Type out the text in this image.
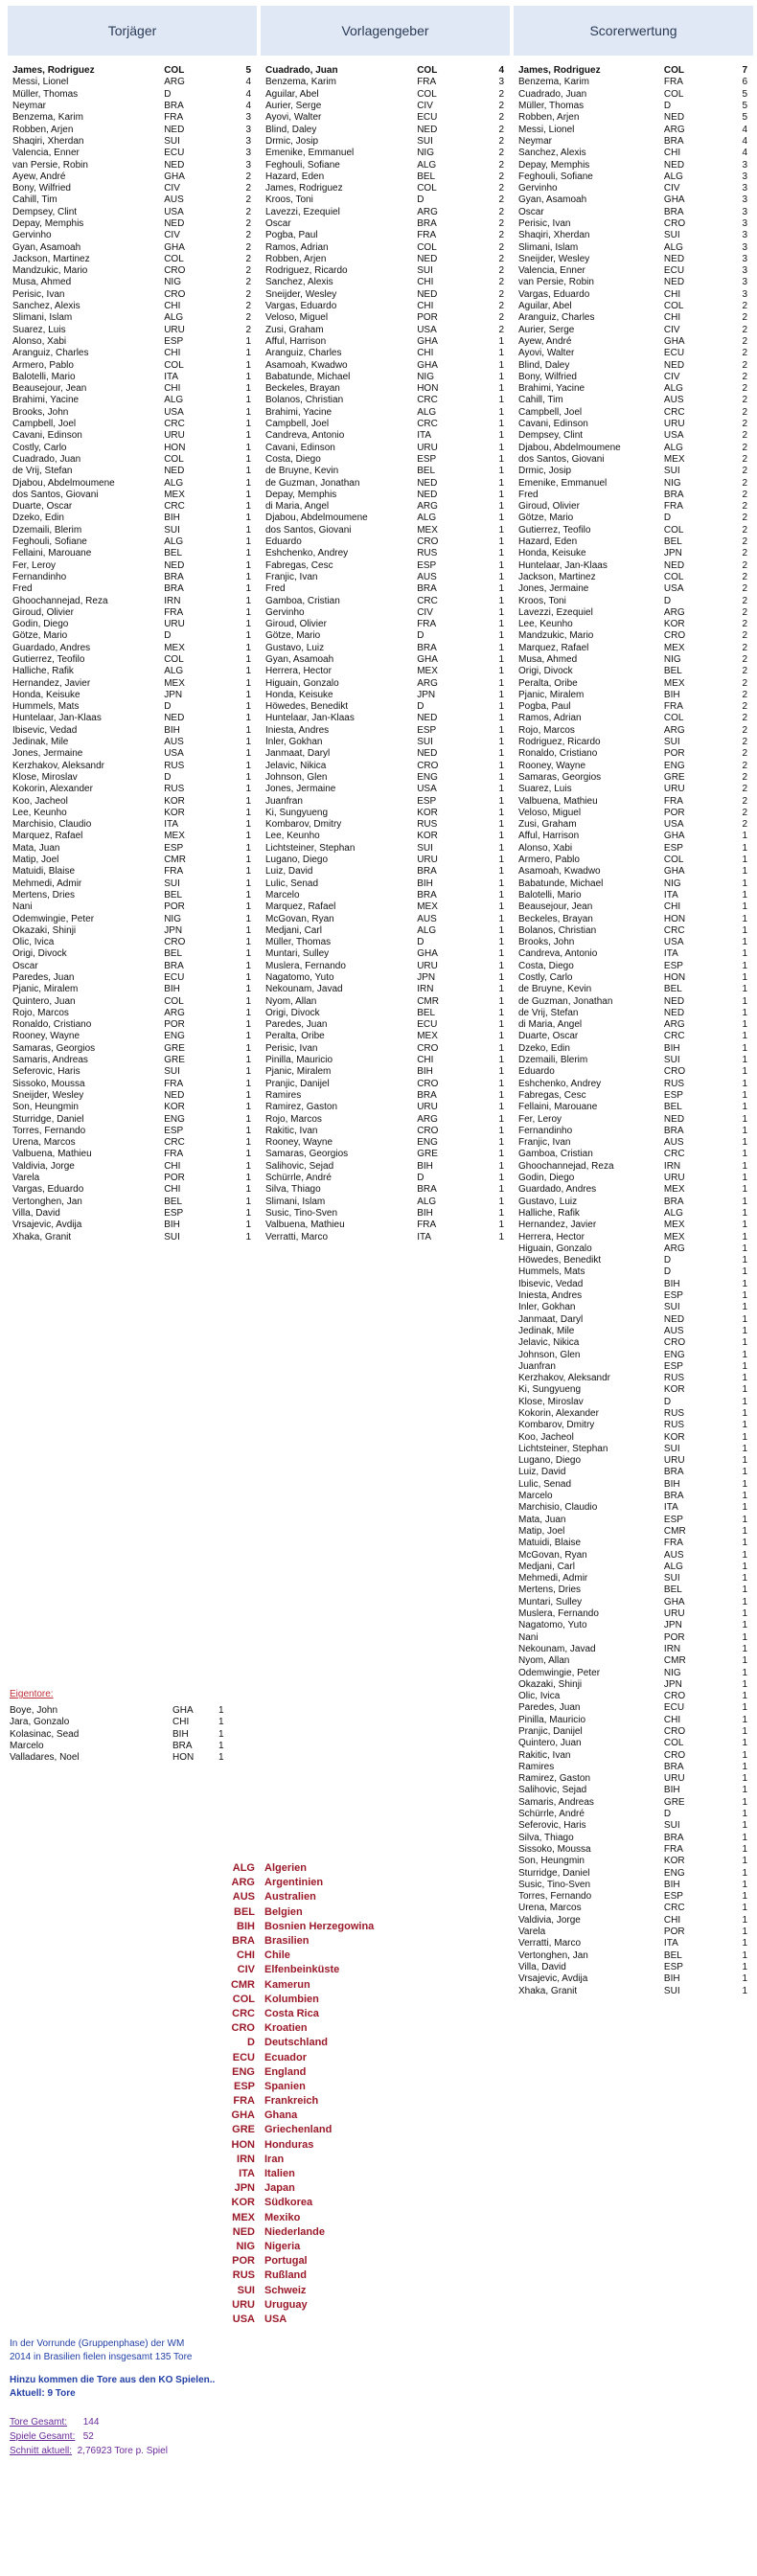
Torjäger
James, Rodriguez	COL	5
Messi, Lionel	ARG	4
Müller, Thomas	D	4
Neymar	BRA	4
Benzema, Karim	FRA	3
Robben, Arjen	NED	3
Shaqiri, Xherdan	SUI	3
Valencia, Enner	ECU	3
van Persie, Robin	NED	3
Ayew, André	GHA	2
Bony, Wilfried	CIV	2
Cahill, Tim	AUS	2
Dempsey, Clint	USA	2
Depay, Memphis	NED	2
Gervinho	CIV	2
Gyan, Asamoah	GHA	2
Jackson, Martinez	COL	2
Mandzukic, Mario	CRO	2
Musa, Ahmed	NIG	2
Perisic, Ivan	CRO	2
Sanchez, Alexis	CHI	2
Slimani, Islam	ALG	2
Suarez, Luis	URU	2
Alonso, Xabi	ESP	1
Aranguiz, Charles	CHI	1
Armero, Pablo	COL	1
Balotelli, Mario	ITA	1
Beausejour, Jean	CHI	1
Brahimi, Yacine	ALG	1
Brooks, John	USA	1
Campbell, Joel	CRC	1
Cavani, Edinson	URU	1
Costly, Carlo	HON	1
Cuadrado, Juan	COL	1
de Vrij, Stefan	NED	1
Djabou, Abdelmoumene	ALG	1
dos Santos, Giovani	MEX	1
Duarte, Oscar	CRC	1
Dzeko, Edin	BIH	1
Dzemaili, Blerim	SUI	1
Feghouli, Sofiane	ALG	1
Fellaini, Marouane	BEL	1
Fer, Leroy	NED	1
Fernandinho	BRA	1
Fred	BRA	1
Ghoochannejad, Reza	IRN	1
Giroud, Olivier	FRA	1
Godin, Diego	URU	1
Götze, Mario	D	1
Guardado, Andres	MEX	1
Gutierrez, Teofilo	COL	1
Halliche, Rafik	ALG	1
Hernandez, Javier	MEX	1
Honda, Keisuke	JPN	1
Hummels, Mats	D	1
Huntelaar, Jan-Klaas	NED	1
Ibisevic, Vedad	BIH	1
Jedinak, Mile	AUS	1
Jones, Jermaine	USA	1
Kerzhakov, Aleksandr	RUS	1
Klose, Miroslav	D	1
Kokorin, Alexander	RUS	1
Koo, Jacheol	KOR	1
Lee, Keunho	KOR	1
Marchisio, Claudio	ITA	1
Marquez, Rafael	MEX	1
Mata, Juan	ESP	1
Matip, Joel	CMR	1
Matuidi, Blaise	FRA	1
Mehmedi, Admir	SUI	1
Mertens, Dries	BEL	1
Nani	POR	1
Odemwingie, Peter	NIG	1
Okazaki, Shinji	JPN	1
Olic, Ivica	CRO	1
Origi, Divock	BEL	1
Oscar	BRA	1
Paredes, Juan	ECU	1
Pjanic, Miralem	BIH	1
Quintero, Juan	COL	1
Rojo, Marcos	ARG	1
Ronaldo, Cristiano	POR	1
Rooney, Wayne	ENG	1
Samaras, Georgios	GRE	1
Samaris, Andreas	GRE	1
Seferovic, Haris	SUI	1
Sissoko, Moussa	FRA	1
Sneijder, Wesley	NED	1
Son, Heungmin	KOR	1
Sturridge, Daniel	ENG	1
Torres, Fernando	ESP	1
Urena, Marcos	CRC	1
Valbuena, Mathieu	FRA	1
Valdivia, Jorge	CHI	1
Varela	POR	1
Vargas, Eduardo	CHI	1
Vertonghen, Jan	BEL	1
Villa, David	ESP	1
Vrsajevic, Avdija	BIH	1
Xhaka, Granit	SUI	1
Vorlagengeber
Cuadrado, Juan	COL	4
Benzema, Karim	FRA	3
Aguilar, Abel	COL	2
Aurier, Serge	CIV	2
Ayovi, Walter	ECU	2
Blind, Daley	NED	2
Drmic, Josip	SUI	2
Emenike, Emmanuel	NIG	2
Feghouli, Sofiane	ALG	2
Hazard, Eden	BEL	2
James, Rodriguez	COL	2
Kroos, Toni	D	2
Lavezzi, Ezequiel	ARG	2
Oscar	BRA	2
Pogba, Paul	FRA	2
Ramos, Adrian	COL	2
Robben, Arjen	NED	2
Rodriguez, Ricardo	SUI	2
Sanchez, Alexis	CHI	2
Sneijder, Wesley	NED	2
Vargas, Eduardo	CHI	2
Veloso, Miguel	POR	2
Zusi, Graham	USA	2
Afful, Harrison	GHA	1
Aranguiz, Charles	CHI	1
Asamoah, Kwadwo	GHA	1
Babatunde, Michael	NIG	1
Beckeles, Brayan	HON	1
Bolanos, Christian	CRC	1
Brahimi, Yacine	ALG	1
Campbell, Joel	CRC	1
Candreva, Antonio	ITA	1
Cavani, Edinson	URU	1
Costa, Diego	ESP	1
de Bruyne, Kevin	BEL	1
de Guzman, Jonathan	NED	1
Depay, Memphis	NED	1
di Maria, Angel	ARG	1
Djabou, Abdelmoumene	ALG	1
dos Santos, Giovani	MEX	1
Eduardo	CRO	1
Eshchenko, Andrey	RUS	1
Fabregas, Cesc	ESP	1
Franjic, Ivan	AUS	1
Fred	BRA	1
Gamboa, Cristian	CRC	1
Gervinho	CIV	1
Giroud, Olivier	FRA	1
Götze, Mario	D	1
Gustavo, Luiz	BRA	1
Gyan, Asamoah	GHA	1
Herrera, Hector	MEX	1
Higuain, Gonzalo	ARG	1
Honda, Keisuke	JPN	1
Höwedes, Benedikt	D	1
Huntelaar, Jan-Klaas	NED	1
Iniesta, Andres	ESP	1
Inler, Gokhan	SUI	1
Janmaat, Daryl	NED	1
Jelavic, Nikica	CRO	1
Johnson, Glen	ENG	1
Jones, Jermaine	USA	1
Juanfran	ESP	1
Ki, Sungyueng	KOR	1
Kombarov, Dmitry	RUS	1
Lee, Keunho	KOR	1
Lichtsteiner, Stephan	SUI	1
Lugano, Diego	URU	1
Luiz, David	BRA	1
Lulic, Senad	BIH	1
Marcelo	BRA	1
Marquez, Rafael	MEX	1
McGovan, Ryan	AUS	1
Medjani, Carl	ALG	1
Müller, Thomas	D	1
Muntari, Sulley	GHA	1
Muslera, Fernando	URU	1
Nagatomo, Yuto	JPN	1
Nekounam, Javad	IRN	1
Nyom, Allan	CMR	1
Origi, Divock	BEL	1
Paredes, Juan	ECU	1
Peralta, Oribe	MEX	1
Perisic, Ivan	CRO	1
Pinilla, Mauricio	CHI	1
Pjanic, Miralem	BIH	1
Pranjic, Danijel	CRO	1
Ramires	BRA	1
Ramirez, Gaston	URU	1
Rojo, Marcos	ARG	1
Rakitic, Ivan	CRO	1
Rooney, Wayne	ENG	1
Samaras, Georgios	GRE	1
Salihovic, Sejad	BIH	1
Schürrle, André	D	1
Silva, Thiago	BRA	1
Slimani, Islam	ALG	1
Susic, Tino-Sven	BIH	1
Valbuena, Mathieu	FRA	1
Verratti, Marco	ITA	1
Scorerwertung
James, Rodriguez	COL	7
Benzema, Karim	FRA	6
Cuadrado, Juan	COL	5
Müller, Thomas	D	5
Robben, Arjen	NED	5
Messi, Lionel	ARG	4
Neymar	BRA	4
Sanchez, Alexis	CHI	4
Depay, Memphis	NED	3
Feghouli, Sofiane	ALG	3
Gervinho	CIV	3
Gyan, Asamoah	GHA	3
Oscar	BRA	3
Perisic, Ivan	CRO	3
Shaqiri, Xherdan	SUI	3
Slimani, Islam	ALG	3
Sneijder, Wesley	NED	3
Valencia, Enner	ECU	3
van Persie, Robin	NED	3
Vargas, Eduardo	CHI	3
Aguilar, Abel	COL	2
Aranguiz, Charles	CHI	2
Aurier, Serge	CIV	2
Ayew, André	GHA	2
Ayovi, Walter	ECU	2
Blind, Daley	NED	2
Bony, Wilfried	CIV	2
Brahimi, Yacine	ALG	2
Cahill, Tim	AUS	2
Campbell, Joel	CRC	2
Cavani, Edinson	URU	2
Dempsey, Clint	USA	2
Djabou, Abdelmoumene	ALG	2
dos Santos, Giovani	MEX	2
Drmic, Josip	SUI	2
Emenike, Emmanuel	NIG	2
Fred	BRA	2
Giroud, Olivier	FRA	2
Götze, Mario	D	2
Gutierrez, Teofilo	COL	2
Hazard, Eden	BEL	2
Honda, Keisuke	JPN	2
Huntelaar, Jan-Klaas	NED	2
Jackson, Martinez	COL	2
Jones, Jermaine	USA	2
Kroos, Toni	D	2
Lavezzi, Ezequiel	ARG	2
Lee, Keunho	KOR	2
Mandzukic, Mario	CRO	2
Marquez, Rafael	MEX	2
Musa, Ahmed	NIG	2
Origi, Divock	BEL	2
Peralta, Oribe	MEX	2
Pjanic, Miralem	BIH	2
Pogba, Paul	FRA	2
Ramos, Adrian	COL	2
Rojo, Marcos	ARG	2
Rodriguez, Ricardo	SUI	2
Ronaldo, Cristiano	POR	2
Rooney, Wayne	ENG	2
Samaras, Georgios	GRE	2
Suarez, Luis	URU	2
Valbuena, Mathieu	FRA	2
Veloso, Miguel	POR	2
Zusi, Graham	USA	2
Afful, Harrison	GHA	1
Alonso, Xabi	ESP	1
Armero, Pablo	COL	1
Asamoah, Kwadwo	GHA	1
Babatunde, Michael	NIG	1
Balotelli, Mario	ITA	1
Beausejour, Jean	CHI	1
Beckeles, Brayan	HON	1
Bolanos, Christian	CRC	1
Brooks, John	USA	1
Candreva, Antonio	ITA	1
Costa, Diego	ESP	1
Costly, Carlo	HON	1
de Bruyne, Kevin	BEL	1
de Guzman, Jonathan	NED	1
de Vrij, Stefan	NED	1
di Maria, Angel	ARG	1
Duarte, Oscar	CRC	1
Dzeko, Edin	BIH	1
Dzemaili, Blerim	SUI	1
Eduardo	CRO	1
Eshchenko, Andrey	RUS	1
Fabregas, Cesc	ESP	1
Fellaini, Marouane	BEL	1
Fer, Leroy	NED	1
Fernandinho	BRA	1
Franjic, Ivan	AUS	1
Gamboa, Cristian	CRC	1
Ghoochannejad, Reza	IRN	1
Godin, Diego	URU	1
Guardado, Andres	MEX	1
Gustavo, Luiz	BRA	1
Halliche, Rafik	ALG	1
Hernandez, Javier	MEX	1
Herrera, Hector	MEX	1
Higuain, Gonzalo	ARG	1
Höwedes, Benedikt	D	1
Hummels, Mats	D	1
Ibisevic, Vedad	BIH	1
Iniesta, Andres	ESP	1
Inler, Gokhan	SUI	1
Janmaat, Daryl	NED	1
Jedinak, Mile	AUS	1
Jelavic, Nikica	CRO	1
Johnson, Glen	ENG	1
Juanfran	ESP	1
Kerzhakov, Aleksandr	RUS	1
Ki, Sungyueng	KOR	1
Klose, Miroslav	D	1
Kokorin, Alexander	RUS	1
Kombarov, Dmitry	RUS	1
Koo, Jacheol	KOR	1
Lichtsteiner, Stephan	SUI	1
Lugano, Diego	URU	1
Luiz, David	BRA	1
Lulic, Senad	BIH	1
Marcelo	BRA	1
Marchisio, Claudio	ITA	1
Mata, Juan	ESP	1
Matip, Joel	CMR	1
Matuidi, Blaise	FRA	1
McGovan, Ryan	AUS	1
Medjani, Carl	ALG	1
Mehmedi, Admir	SUI	1
Mertens, Dries	BEL	1
Muntari, Sulley	GHA	1
Muslera, Fernando	URU	1
Nagatomo, Yuto	JPN	1
Nani	POR	1
Nekounam, Javad	IRN	1
Nyom, Allan	CMR	1
Odemwingie, Peter	NIG	1
Okazaki, Shinji	JPN	1
Olic, Ivica	CRO	1
Paredes, Juan	ECU	1
Pinilla, Mauricio	CHI	1
Pranjic, Danijel	CRO	1
Quintero, Juan	COL	1
Rakitic, Ivan	CRO	1
Ramires	BRA	1
Ramirez, Gaston	URU	1
Salihovic, Sejad	BIH	1
Samaris, Andreas	GRE	1
Schürrle, André	D	1
Seferovic, Haris	SUI	1
Silva, Thiago	BRA	1
Sissoko, Moussa	FRA	1
Son, Heungmin	KOR	1
Sturridge, Daniel	ENG	1
Susic, Tino-Sven	BIH	1
Torres, Fernando	ESP	1
Urena, Marcos	CRC	1
Valdivia, Jorge	CHI	1
Varela	POR	1
Verratti, Marco	ITA	1
Vertonghen, Jan	BEL	1
Villa, David	ESP	1
Vrsajevic, Avdija	BIH	1
Xhaka, Granit	SUI	1
Eigentore:
Boye, John	GHA	1
Jara, Gonzalo	CHI	1
Kolasinac, Sead	BIH	1
Marcelo	BRA	1
Valladares, Noel	HON	1
ALG	Algerien
ARG	Argentinien
AUS	Australien
BEL	Belgien
BIH	Bosnien Herzegowina
BRA	Brasilien
CHI	Chile
CIV	Elfenbeinküste
CMR	Kamerun
COL	Kolumbien
CRC	Costa Rica
CRO	Kroatien
D	Deutschland
ECU	Ecuador
ENG	England
ESP	Spanien
FRA	Frankreich
GHA	Ghana
GRE	Griechenland
HON	Honduras
IRN	Iran
ITA	Italien
JPN	Japan
KOR	Südkorea
MEX	Mexiko
NED	Niederlande
NIG	Nigeria
POR	Portugal
RUS	Rußland
SUI	Schweiz
URU	Uruguay
USA	USA
In der Vorrunde (Gruppenphase) der WM
2014 in Brasilien fielen insgesamt 135 Tore
Hinzu kommen die Tore aus den KO Spielen..
Aktuell: 9 Tore
Tore Gesamt: 144
Spiele Gesamt: 52
Schnitt aktuell: 2,76923 Tore p. Spiel
